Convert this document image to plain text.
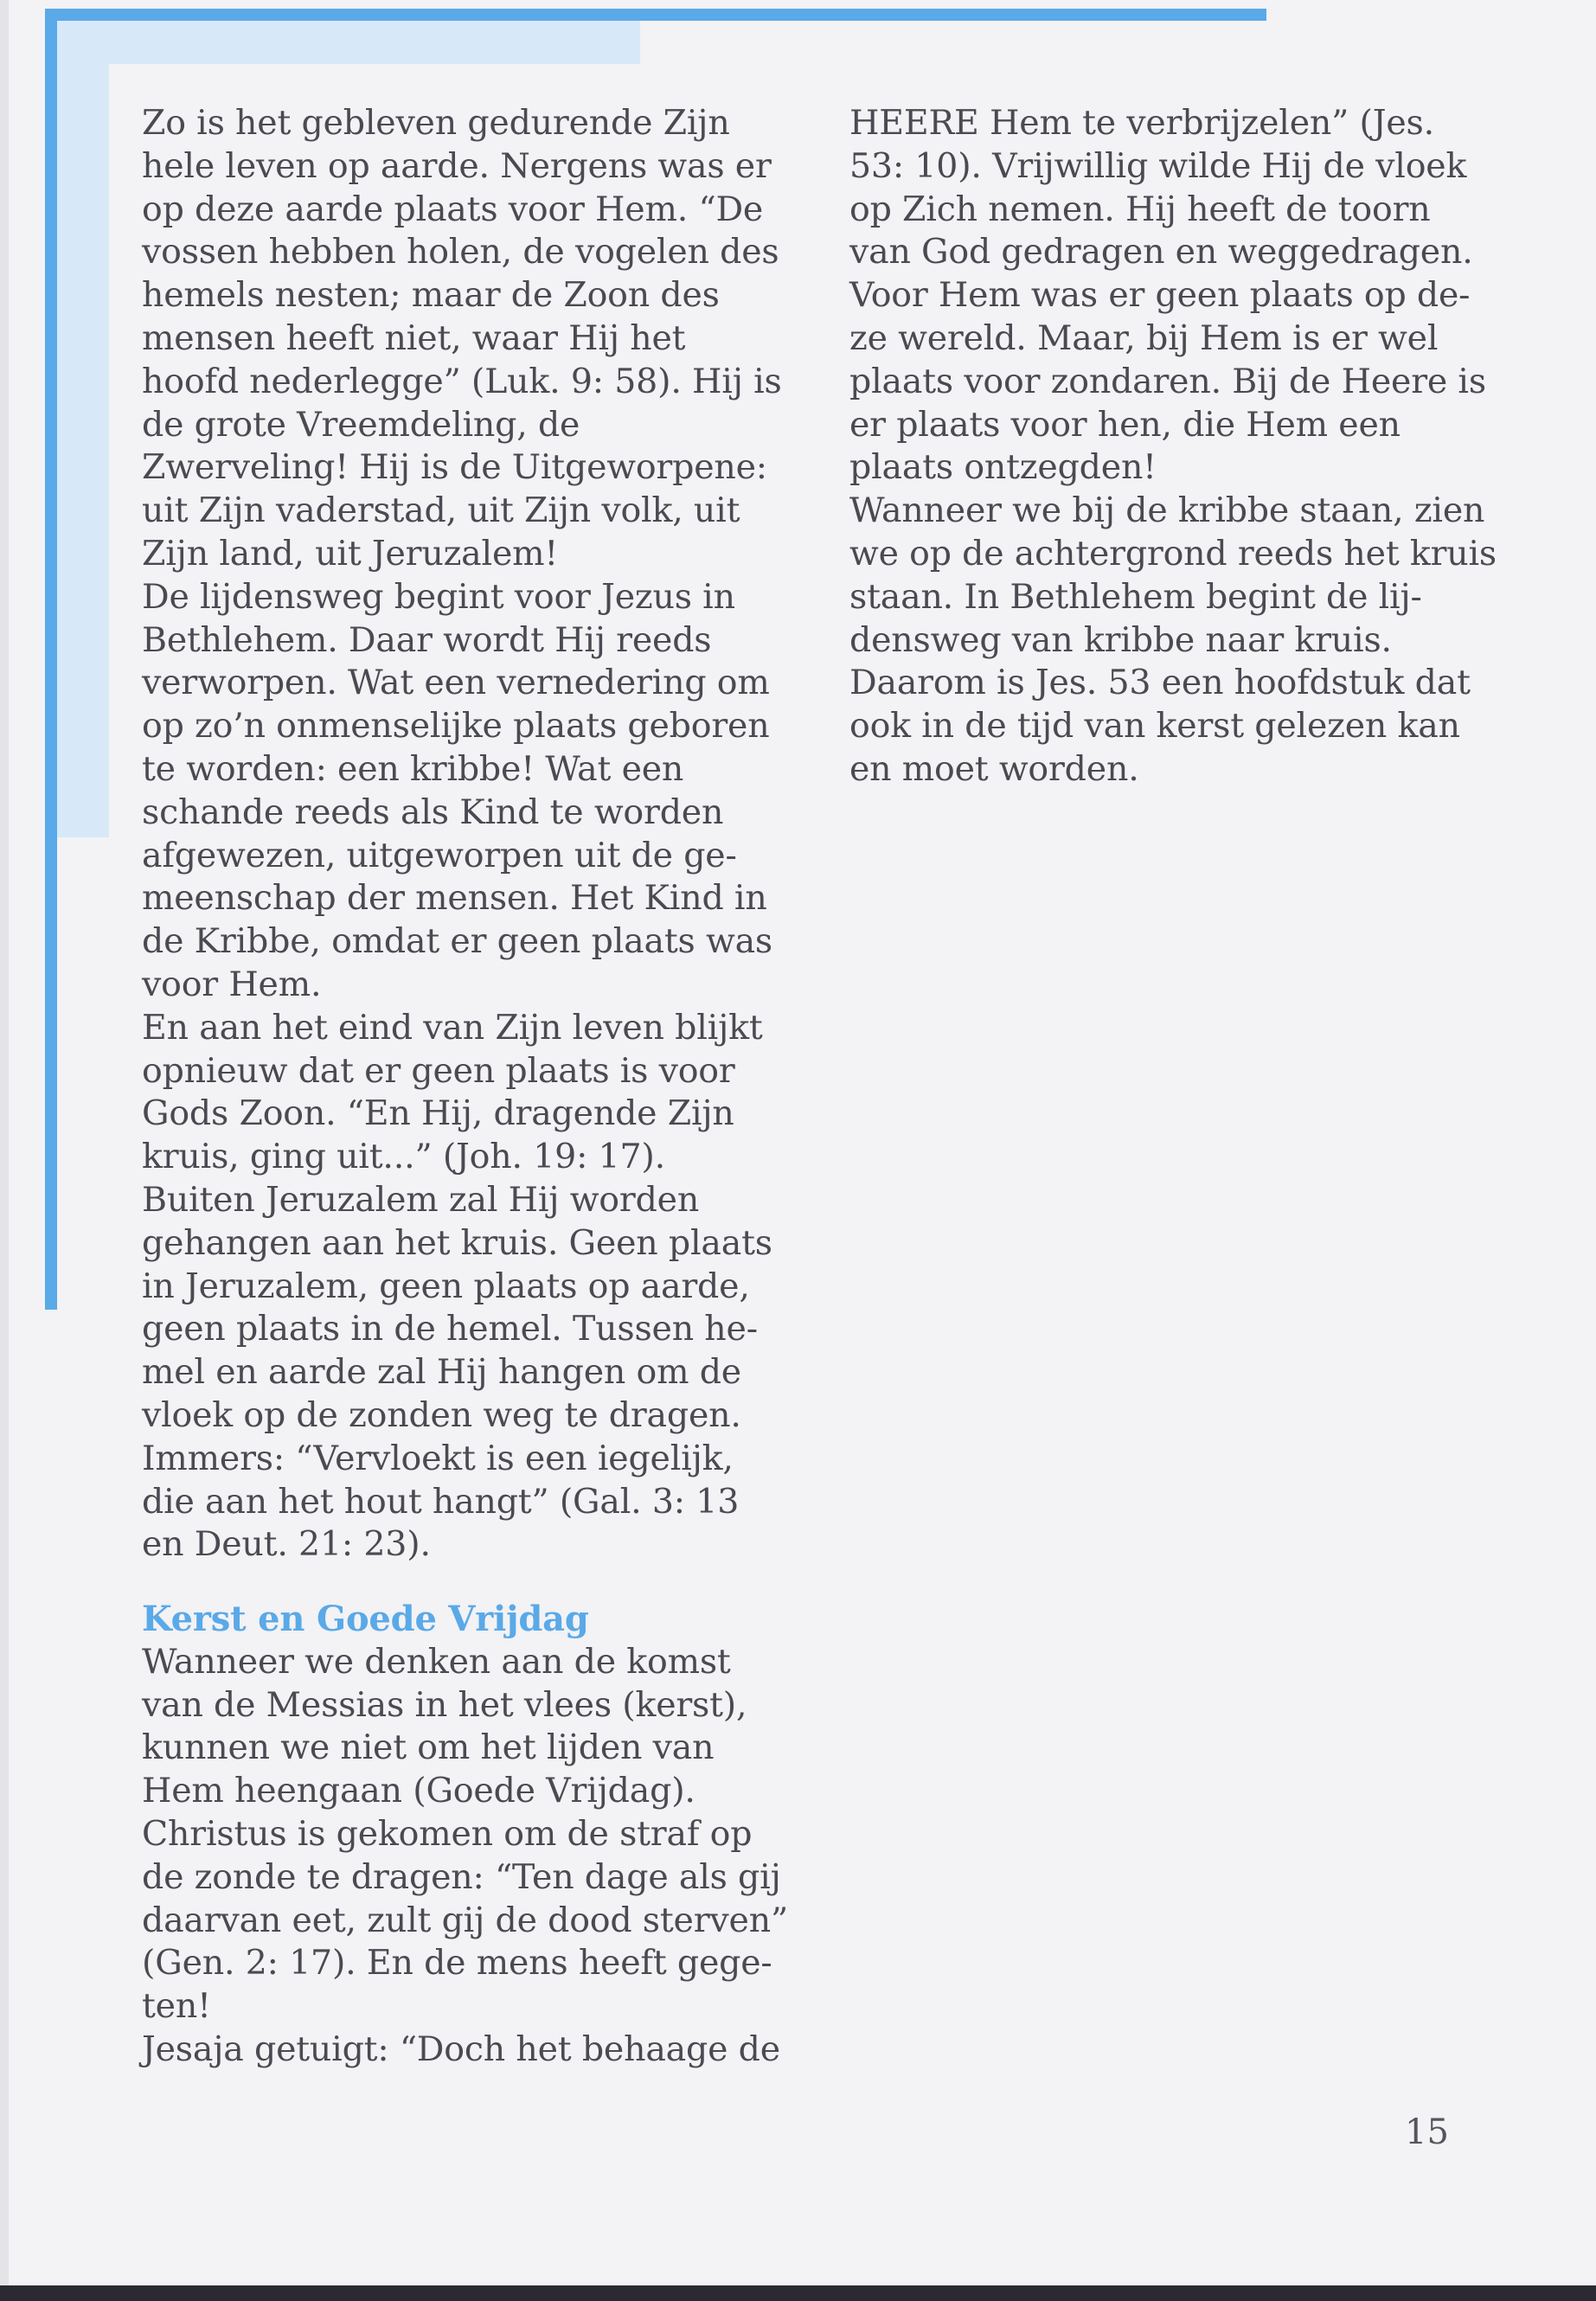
Zo is het gebleven gedurende Zijn
hele leven op aarde. Nergens was er
op deze aarde plaats voor Hem. “De
vossen hebben holen, de vogelen des
hemels nesten; maar de Zoon des
mensen heeft niet, waar Hij het
hoofd nederlegge” (Luk. 9: 58). Hij is
de grote Vreemdeling, de
Zwerveling! Hij is de Uitgeworpene:
uit Zijn vaderstad, uit Zijn volk, uit
Zijn land, uit Jeruzalem!
De lijdensweg begint voor Jezus in
Bethlehem. Daar wordt Hij reeds
verworpen. Wat een vernedering om
op zo’n onmenselijke plaats geboren
te worden: een kribbe! Wat een
schande reeds als Kind te worden
afgewezen, uitgeworpen uit de ge-
meenschap der mensen. Het Kind in
de Kribbe, omdat er geen plaats was
voor Hem.
En aan het eind van Zijn leven blijkt
opnieuw dat er geen plaats is voor
Gods Zoon. “En Hij, dragende Zijn
kruis, ging uit...” (Joh. 19: 17).
Buiten Jeruzalem zal Hij worden
gehangen aan het kruis. Geen plaats
in Jeruzalem, geen plaats op aarde,
geen plaats in de hemel. Tussen he-
mel en aarde zal Hij hangen om de
vloek op de zonden weg te dragen.
Immers: “Vervloekt is een iegelijk,
die aan het hout hangt” (Gal. 3: 13
en Deut. 21: 23).
Kerst en Goede Vrijdag
Wanneer we denken aan de komst
van de Messias in het vlees (kerst),
kunnen we niet om het lijden van
Hem heengaan (Goede Vrijdag).
Christus is gekomen om de straf op
de zonde te dragen: “Ten dage als gij
daarvan eet, zult gij de dood sterven”
(Gen. 2: 17). En de mens heeft gege-
ten!
Jesaja getuigt: “Doch het behaage de
HEERE Hem te verbrijzelen” (Jes.
53: 10). Vrijwillig wilde Hij de vloek
op Zich nemen. Hij heeft de toorn
van God gedragen en weggedragen.
Voor Hem was er geen plaats op de-
ze wereld. Maar, bij Hem is er wel
plaats voor zondaren. Bij de Heere is
er plaats voor hen, die Hem een
plaats ontzegden!
Wanneer we bij de kribbe staan, zien
we op de achtergrond reeds het kruis
staan. In Bethlehem begint de lij-
densweg van kribbe naar kruis.
Daarom is Jes. 53 een hoofdstuk dat
ook in de tijd van kerst gelezen kan
en moet worden.
15
